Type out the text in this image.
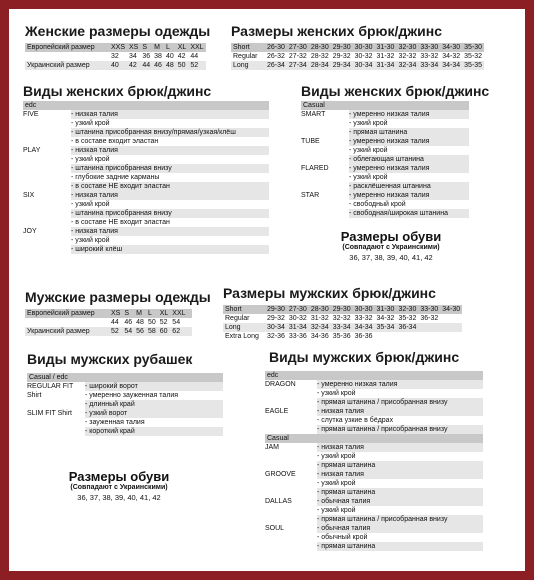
Женские размеры одежды
Европейский размер	XXS	XS	S	M	L	XL	XXL
	32	34	36	38	40	42	44
Украинский размер	40	42	44	46	48	50	52
Размеры женских брюк/джинс
Short	26-30	27-30	28-30	29-30	30-30	31-30	32-30	33-30	34-30	35-30
Regular	26-32	27-32	28-32	29-32	30-32	31-32	32-32	33-32	34-32	35-32
Long	26-34	27-34	28-34	29-34	30-34	31-34	32-34	33-34	34-34	35-35
Виды женских брюк/джинс
edc
FIVE	- низкая талия
- узкий крой
- штанина присобранная внизу/прямая/узкая/клёш
- в составе входит эластан
PLAY	- низкая талия
- узкий крой
- штанина присобранная внизу
- глубокие задние карманы
- в составе НЕ входит эластан
SIX	- низкая талия
- узкий крой
- штанина присобранная внизу
- в составе НЕ входит эластан
JOY	- низкая талия
- узкий крой
- широкий клёш
Виды женских брюк/джинс
Casual
SMART	- умеренно низкая талия
- узкий крой
- прямая штанина
TUBE	- умеренно низкая талия
- узкий крой
- облегающая штанина
FLARED	- умеренно низкая талия
- узкий крой
- расклёшенная штанина
STAR	- умеренно низкая талия
- свободный крой
- свободная/широкая штанина
Размеры обуви
(Совпадают с Украинскими)
36, 37, 38, 39, 40, 41, 42
Мужские размеры одежды
Европейский размер	XS	S	M	L	XL	XXL	
	44	46	48	50	52	54	
Украинский размер	52	54	56	58	60	62	
Размеры мужских брюк/джинс
Short	29-30	27-30	28-30	29-30	30-30	31-30	32-30	33-30	34-30
Regular	29-32	30-32	31-32	32-32	33-32	34-32	35-32	36-32	
Long	30-34	31-34	32-34	33-34	34-34	35-34	36-34		
Extra Long	32-36	33-36	34-36	35-36	36-36				
Виды мужских рубашек
Casual / edc
REGULAR FIT Shirt
- широкий ворот
- умеренно зауженная талия
- длинный край
SLIM FIT Shirt	- узкий ворот
- зауженная талия
- короткий край
Виды мужских брюк/джинс
edc
DRAGON	- умеренно низкая талия
- узкий крой
- прямая штанина / присобранная внизу
EAGLE	- низкая талия
- слутка узкие в бёдрах
- прямая штанина / присобранная внизу
Casual
JAM	- низкая талия
- узкий крой
- прямая штанина
GROOVE	- низкая талия
- узкий крой
- прямая штанина
DALLAS	- обычная талия
- узкий крой
- прямая штанина / присобранная внизу
SOUL	- обычная талия
- обычный крой
- прямая штанина
Размеры обуви
(Совпадают с Украинскими)
36, 37, 38, 39, 40, 41, 42
